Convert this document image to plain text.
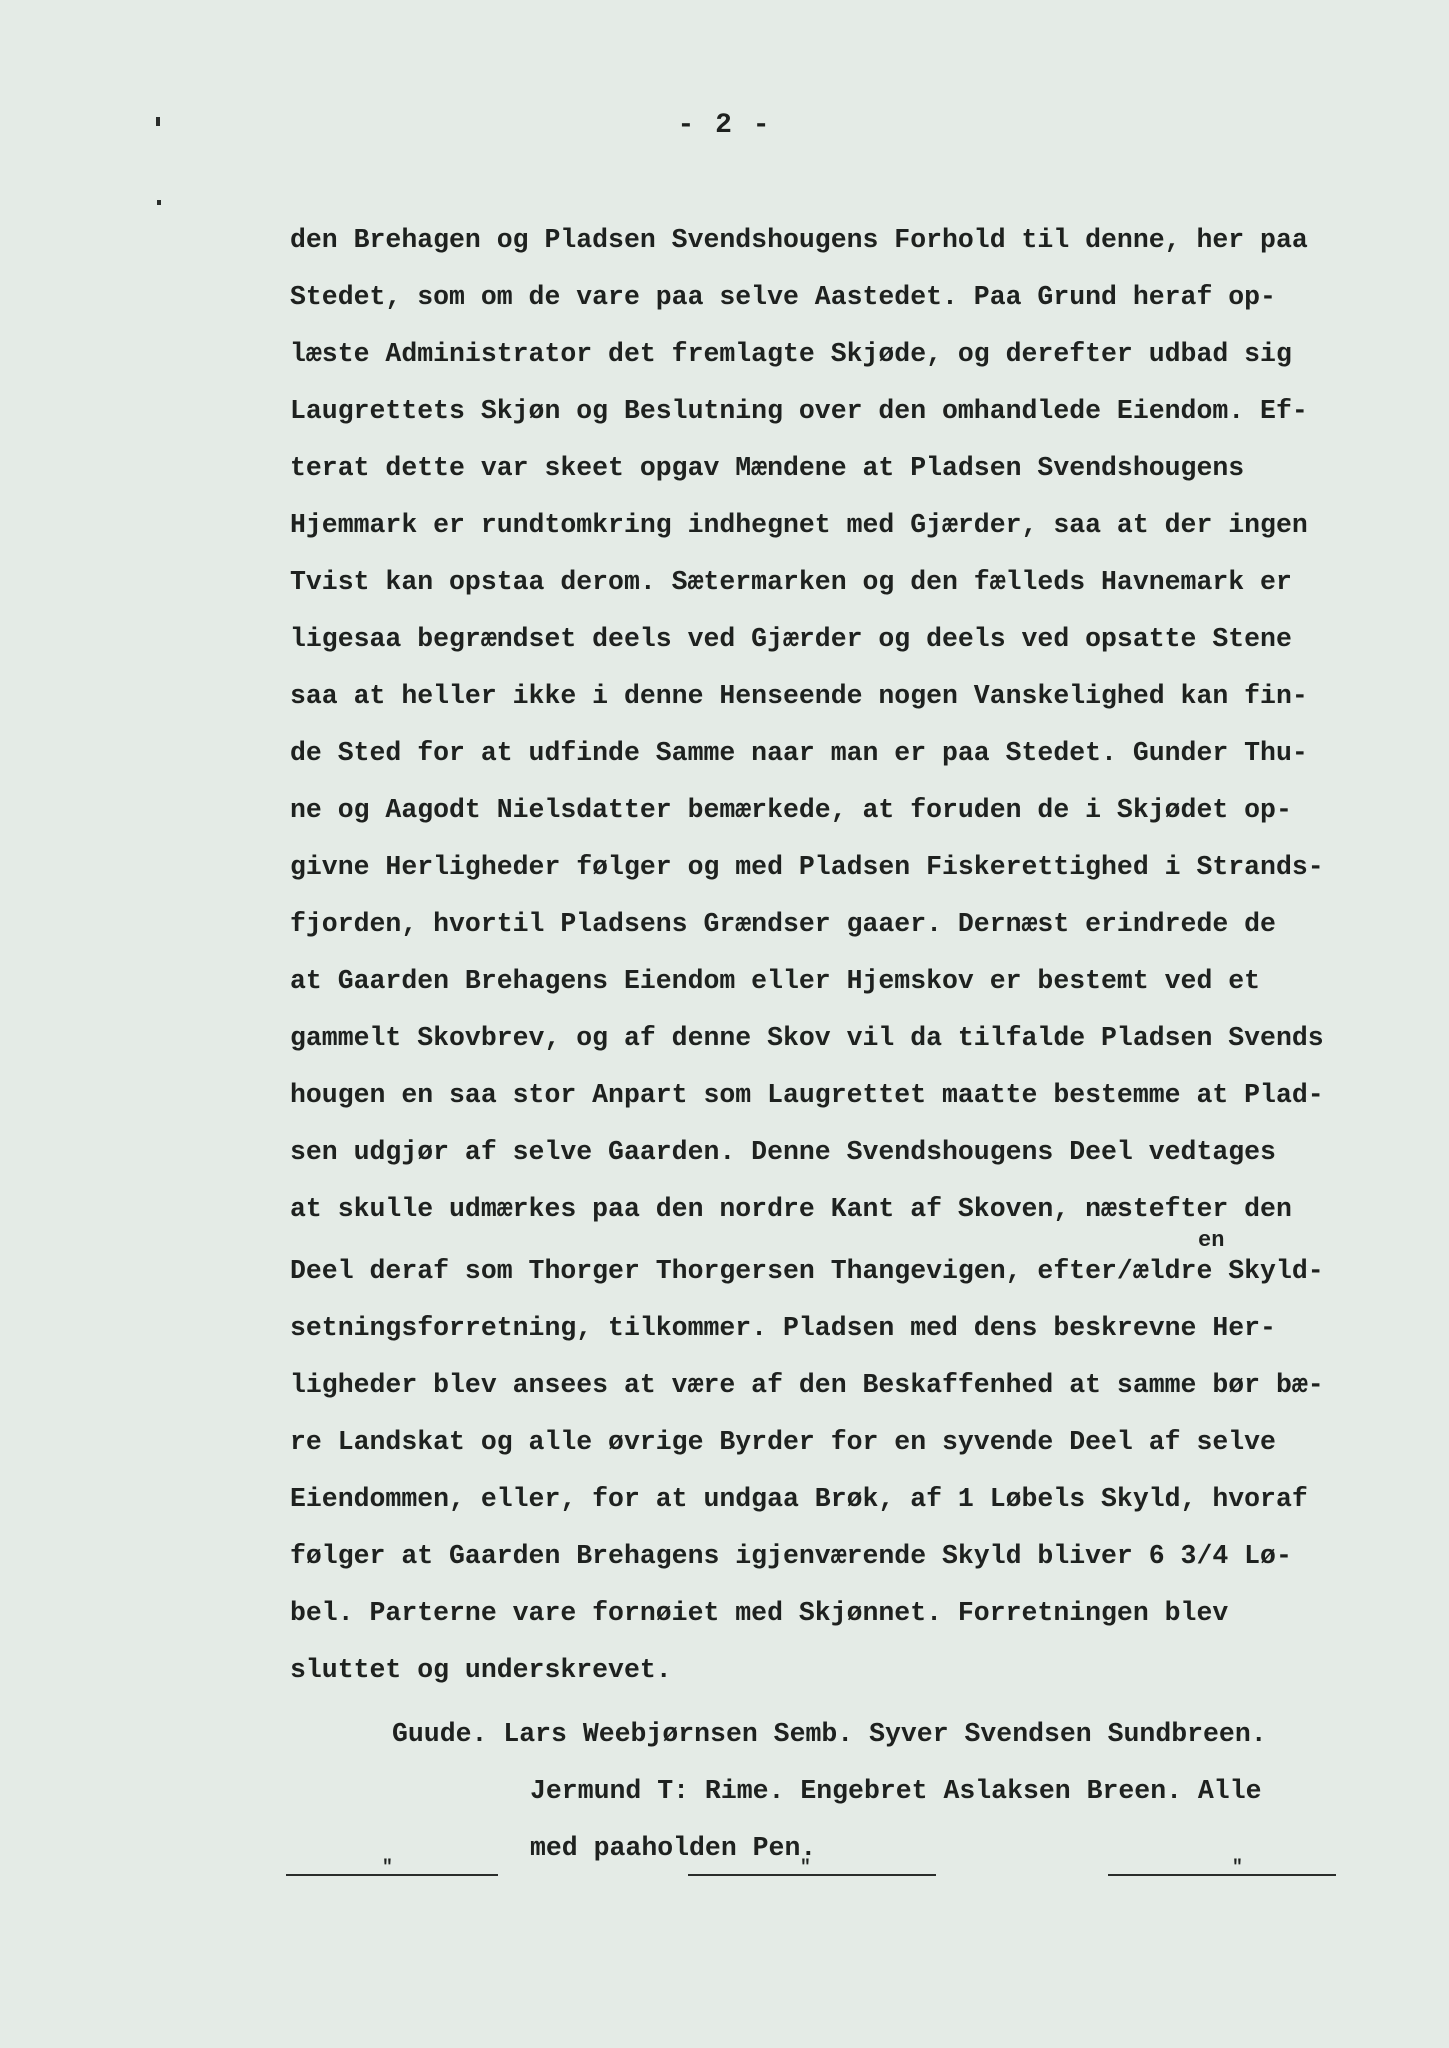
- 2 -
den Brehagen og Pladsen Svendshougens Forhold til denne, her paa
Stedet, som om de vare paa selve Aastedet. Paa Grund heraf op-
læste Administrator det fremlagte Skjøde, og derefter udbad sig
Laugrettets Skjøn og Beslutning over den omhandlede Eiendom. Ef-
terat dette var skeet opgav Mændene at Pladsen Svendshougens
Hjemmark er rundtomkring indhegnet med Gjærder, saa at der ingen
Tvist kan opstaa derom. Sætermarken og den fælleds Havnemark er
ligesaa begrændset deels ved Gjærder og deels ved opsatte Stene
saa at heller ikke i denne Henseende nogen Vanskelighed kan fin-
de Sted for at udfinde Samme naar man er paa Stedet. Gunder Thu-
ne og Aagodt Nielsdatter bemærkede, at foruden de i Skjødet op-
givne Herligheder følger og med Pladsen Fiskerettighed i Strands-
fjorden, hvortil Pladsens Grændser gaaer. Dernæst erindrede de
at Gaarden Brehagens Eiendom eller Hjemskov er bestemt ved et
gammelt Skovbrev, og af denne Skov vil da tilfalde Pladsen Svends
hougen en saa stor Anpart som Laugrettet maatte bestemme at Plad-
sen udgjør af selve Gaarden. Denne Svendshougens Deel vedtages
at skulle udmærkes paa den nordre Kant af Skoven, næstefter den
en
Deel deraf som Thorger Thorgersen Thangevigen, efter/ældre Skyld-
setningsforretning, tilkommer. Pladsen med dens beskrevne Her-
ligheder blev ansees at være af den Beskaffenhed at samme bør bæ-
re Landskat og alle øvrige Byrder for en syvende Deel af selve
Eiendommen, eller, for at undgaa Brøk, af 1 Løbels Skyld, hvoraf
følger at Gaarden Brehagens igjenværende Skyld bliver 6 3/4 Lø-
bel. Parterne vare fornøiet med Skjønnet. Forretningen blev
sluttet og underskrevet.
Guude. Lars Weebjørnsen Semb. Syver Svendsen Sundbreen.
Jermund T: Rime. Engebret Aslaksen Breen. Alle
med paaholden Pen.
"	"	"
